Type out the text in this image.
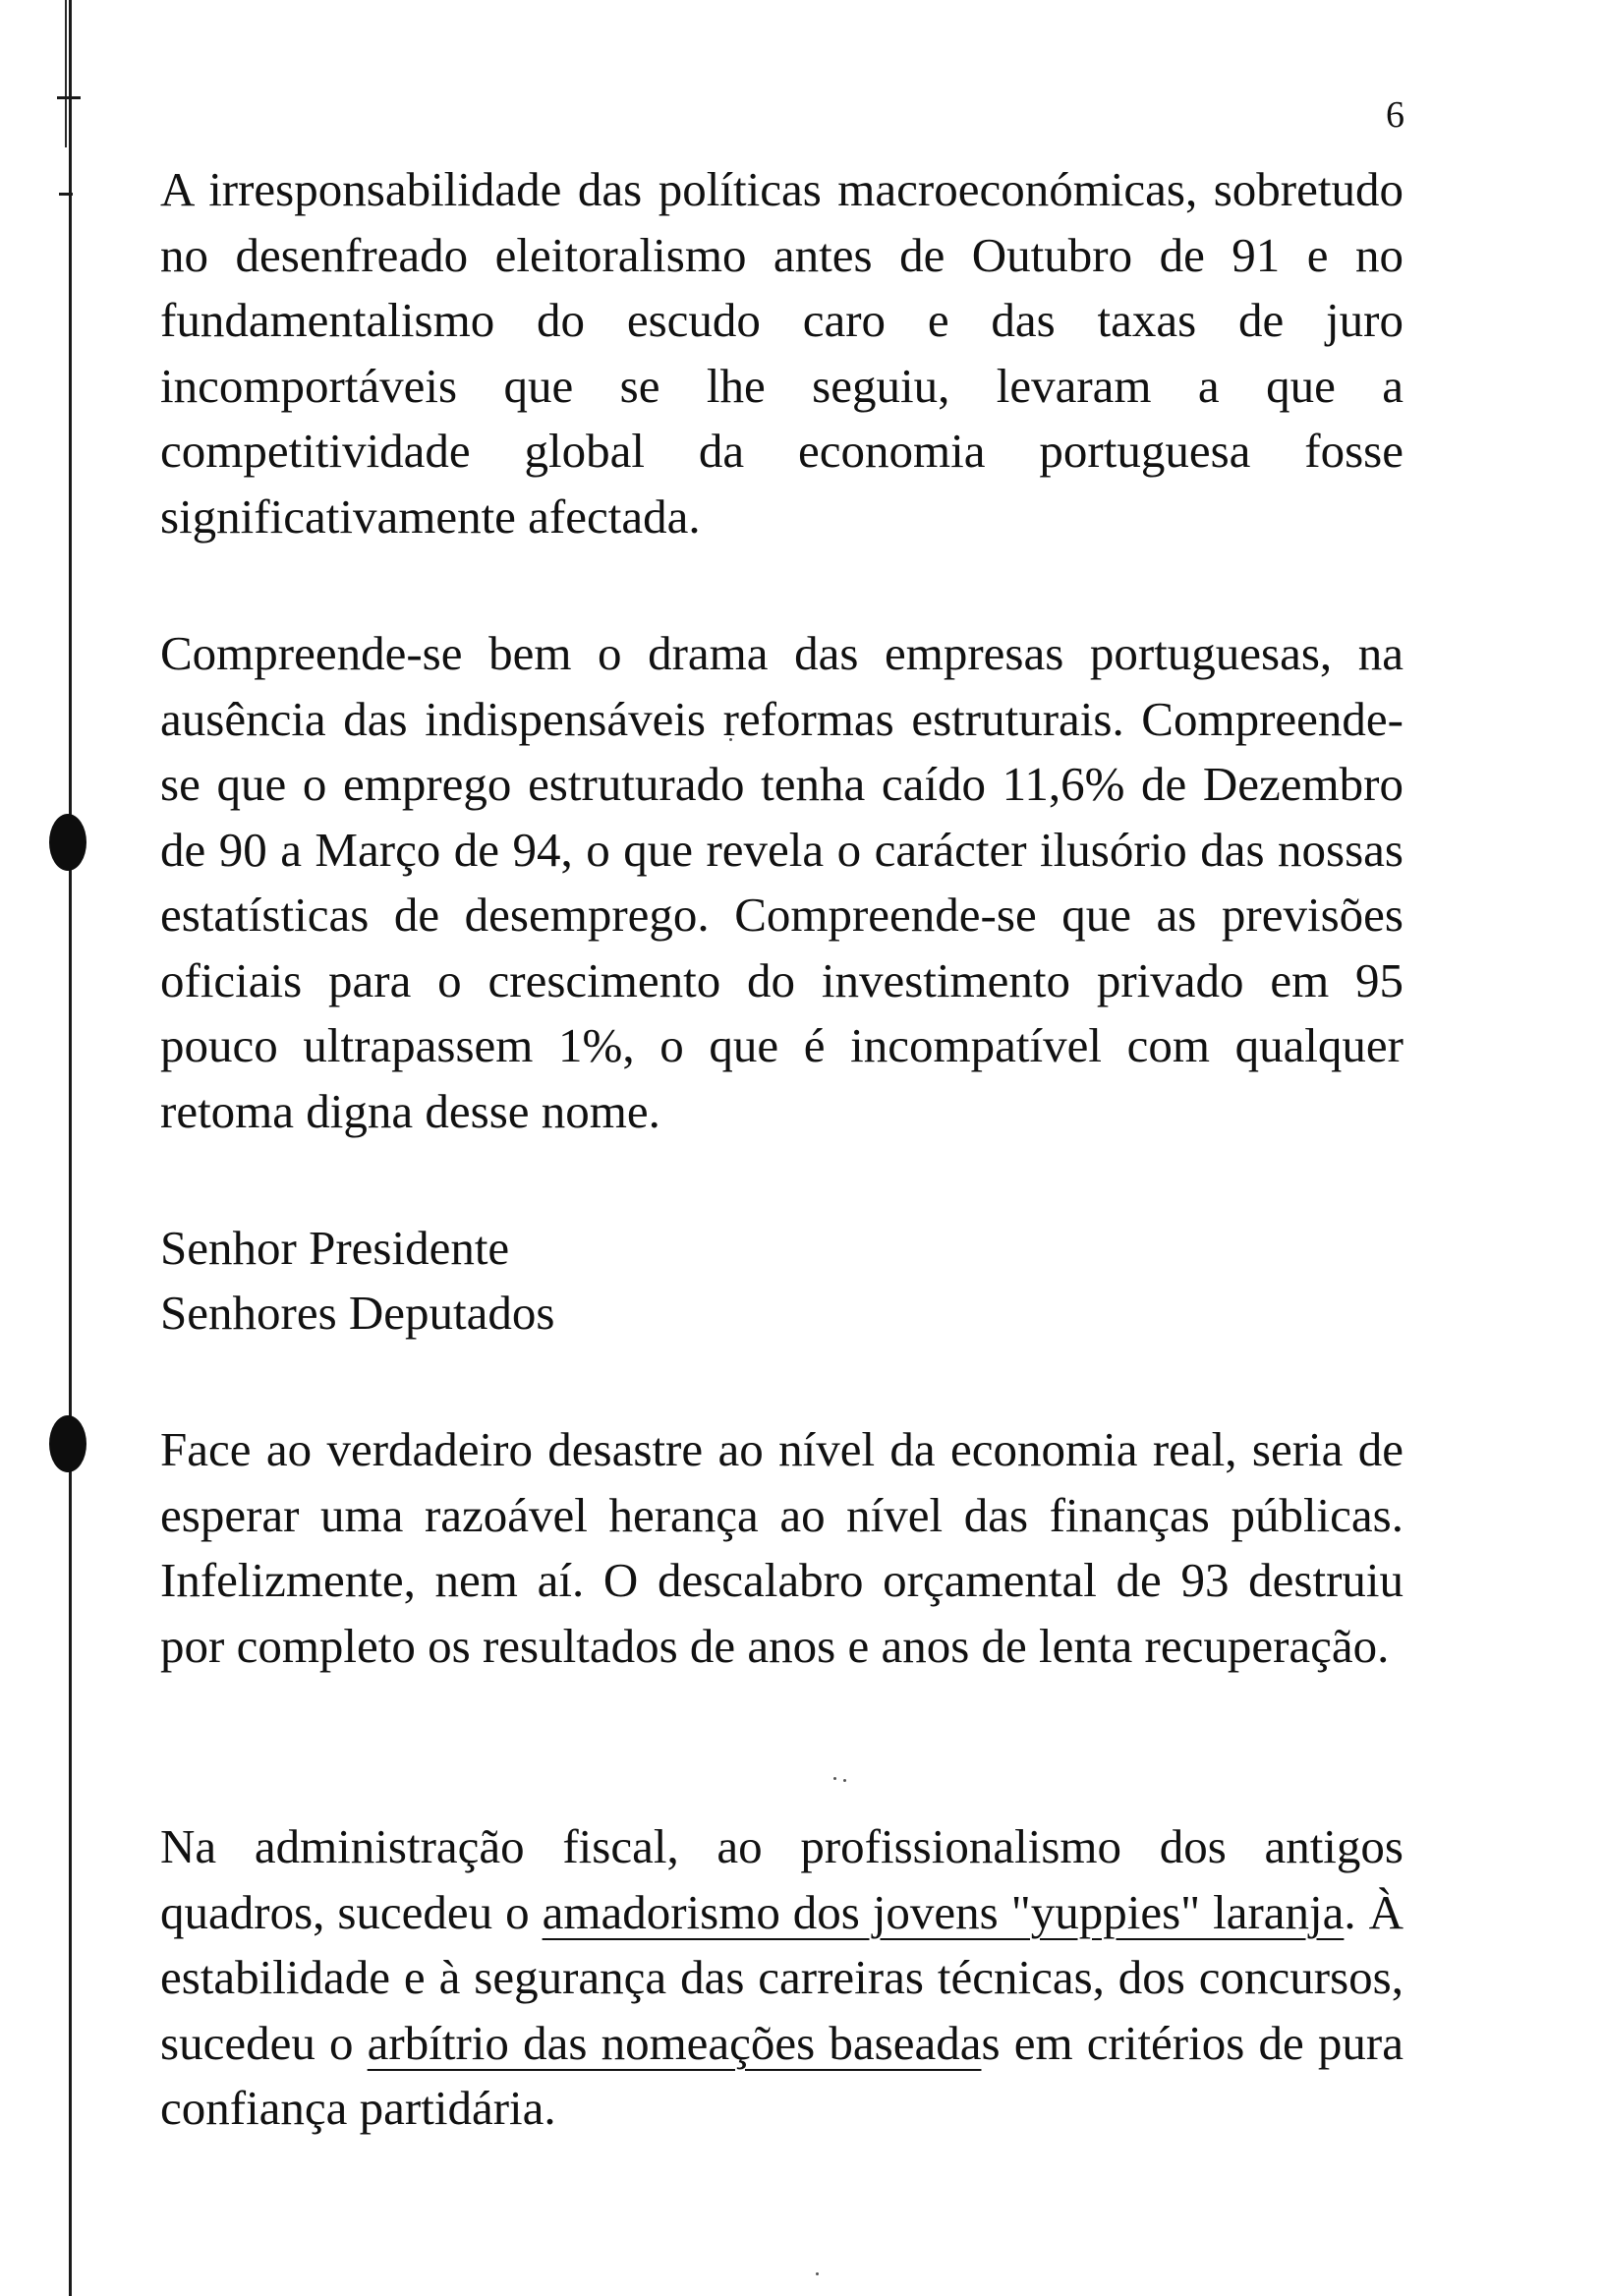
6

A irresponsabilidade das políticas macroeconómicas, sobretudo no desenfreado eleitoralismo antes de Outubro de 91 e no fundamentalismo do escudo caro e das taxas de juro incomportáveis que se lhe seguiu, levaram a que a competitividade global da economia portuguesa fosse significativamente afectada.

Compreende-se bem o drama das empresas portuguesas, na ausência das indispensáveis reformas estruturais. Compreende-se que o emprego estruturado tenha caído 11,6% de Dezembro de 90 a Março de 94, o que revela o carácter ilusório das nossas estatísticas de desemprego. Compreende-se que as previsões oficiais para o crescimento do investimento privado em 95 pouco ultrapassem 1%, o que é incompatível com qualquer retoma digna desse nome.

Senhor Presidente
Senhores Deputados

Face ao verdadeiro desastre ao nível da economia real, seria de esperar uma razoável herança ao nível das finanças públicas. Infelizmente, nem aí. O descalabro orçamental de 93 destruiu por completo os resultados de anos e anos de lenta recuperação.

Na administração fiscal, ao profissionalismo dos antigos quadros, sucedeu o amadorismo dos jovens "yuppies" laranja. À estabilidade e à segurança das carreiras técnicas, dos concursos, sucedeu o arbítrio das nomeações baseadas em critérios de pura confiança partidária.
